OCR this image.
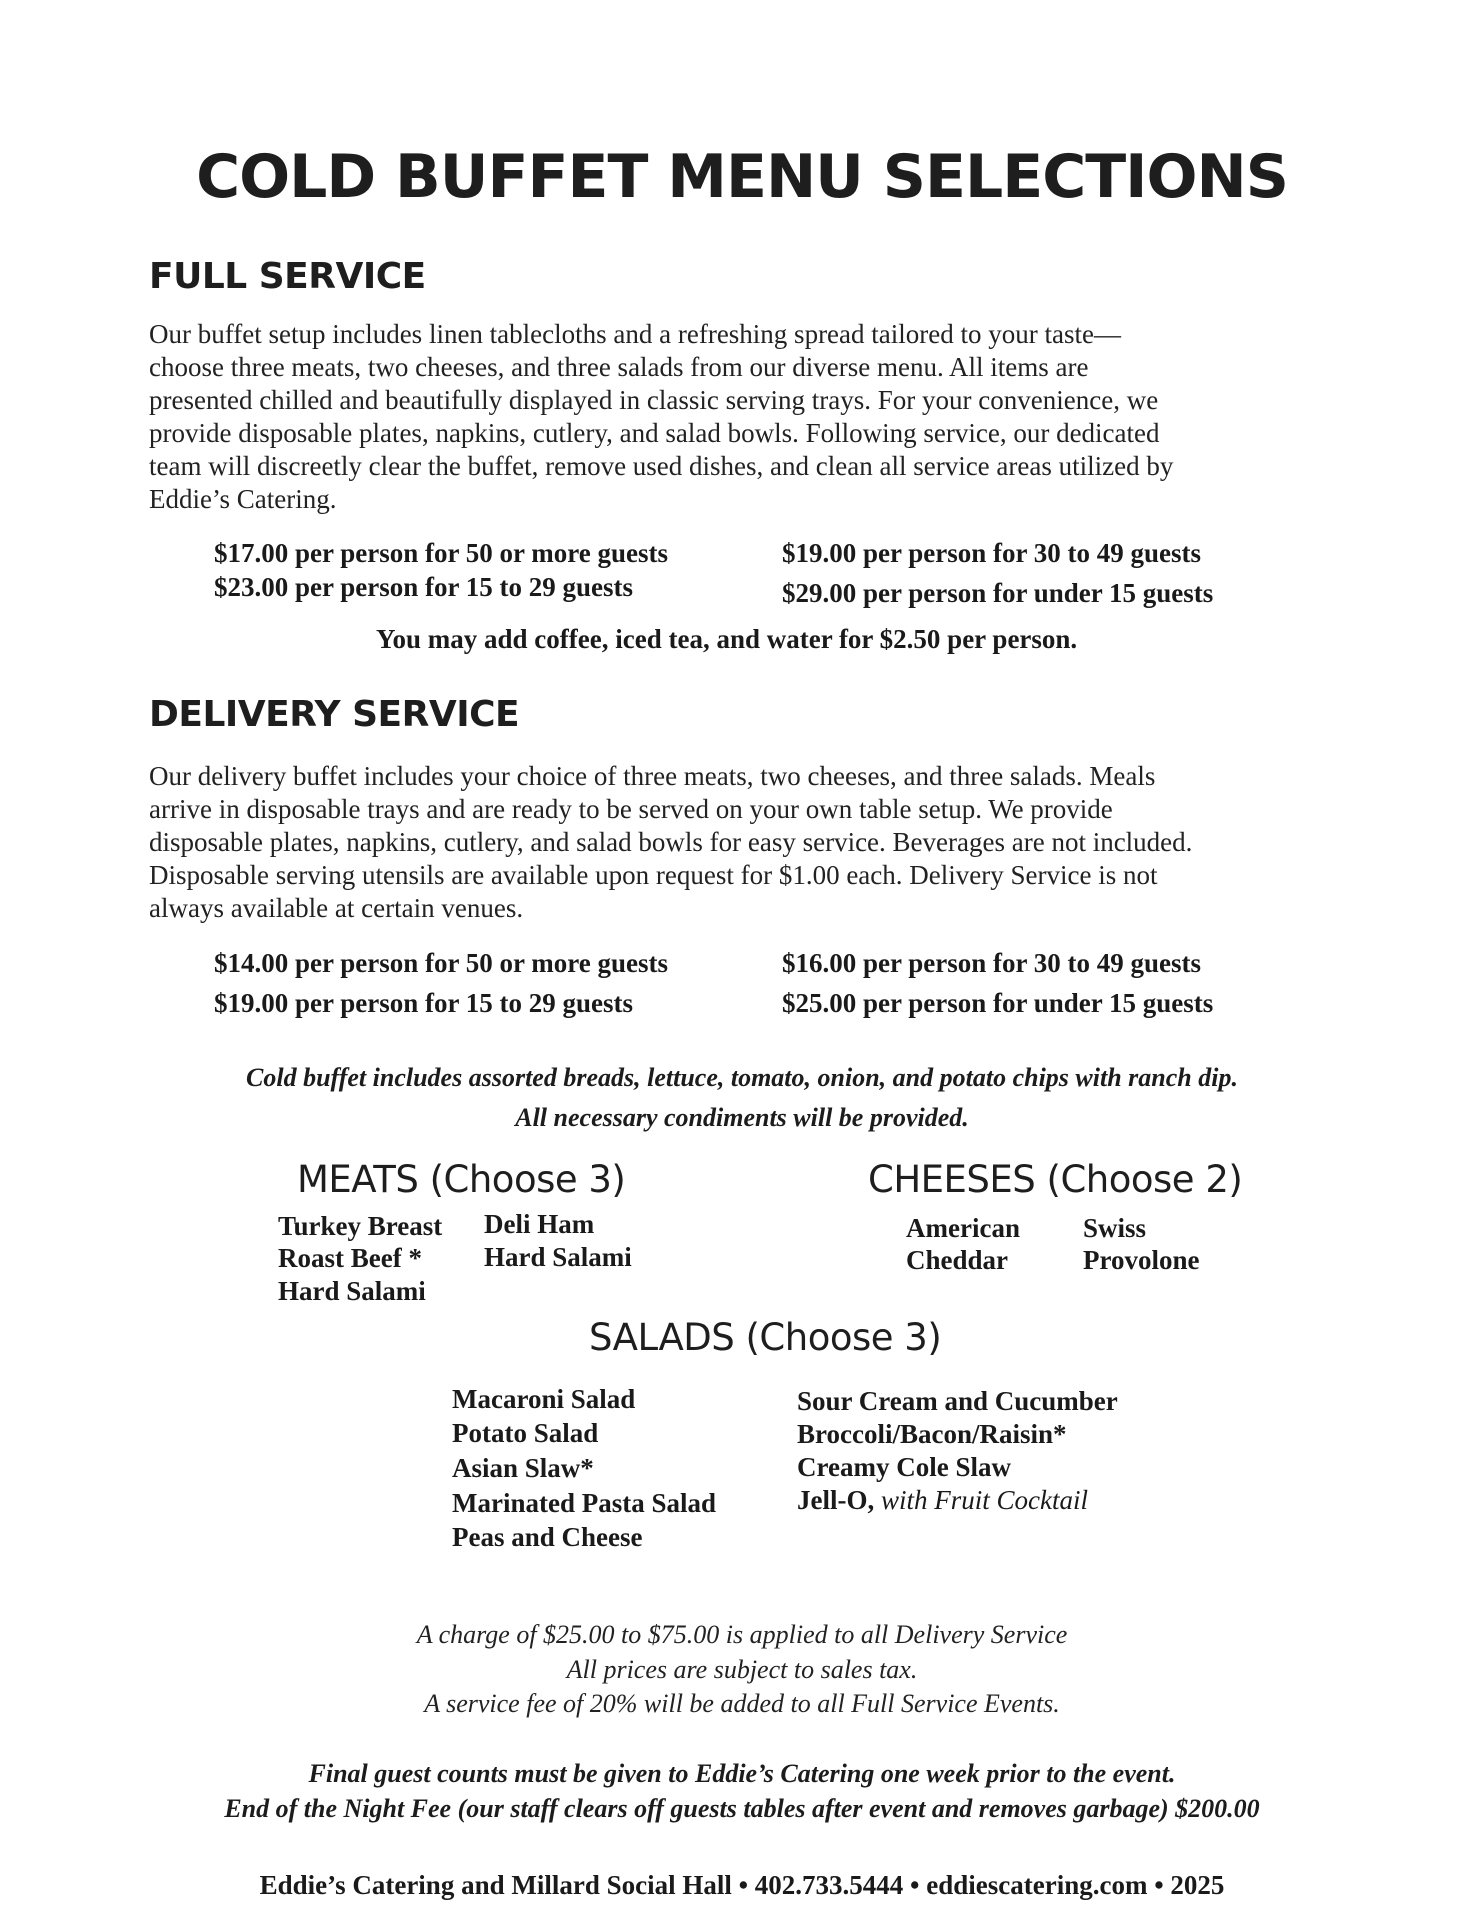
COLD BUFFET MENU SELECTIONS
FULL SERVICE
Our buffet setup includes linen tablecloths and a refreshing spread tailored to your taste—
choose three meats, two cheeses, and three salads from our diverse menu. All items are
presented chilled and beautifully displayed in classic serving trays. For your convenience, we
provide disposable plates, napkins, cutlery, and salad bowls. Following service, our dedicated
team will discreetly clear the buffet, remove used dishes, and clean all service areas utilized by
Eddie’s Catering.
$17.00 per person for 50 or more guests
$23.00 per person for 15 to 29 guests
$19.00 per person for 30 to 49 guests
$29.00 per person for under 15 guests
You may add coffee, iced tea, and water for $2.50 per person.
DELIVERY SERVICE
Our delivery buffet includes your choice of three meats, two cheeses, and three salads. Meals
arrive in disposable trays and are ready to be served on your own table setup. We provide
disposable plates, napkins, cutlery, and salad bowls for easy service. Beverages are not included.
Disposable serving utensils are available upon request for $1.00 each. Delivery Service is not
always available at certain venues.
$14.00 per person for 50 or more guests
$19.00 per person for 15 to 29 guests
$16.00 per person for 30 to 49 guests
$25.00 per person for under 15 guests
Cold buffet includes assorted breads, lettuce, tomato, onion, and potato chips with ranch dip.
All necessary condiments will be provided.
MEATS (Choose 3)
Turkey Breast
Roast Beef *
Hard Salami
Deli Ham
Hard Salami
CHEESES (Choose 2)
American
Cheddar
Swiss
Provolone
SALADS (Choose 3)
Macaroni Salad
Potato Salad
Asian Slaw*
Marinated Pasta Salad
Peas and Cheese
Sour Cream and Cucumber
Broccoli/Bacon/Raisin*
Creamy Cole Slaw
Jell-O, with Fruit Cocktail
A charge of $25.00 to $75.00 is applied to all Delivery Service
All prices are subject to sales tax.
A service fee of 20% will be added to all Full Service Events.
Final guest counts must be given to Eddie’s Catering one week prior to the event.
End of the Night Fee (our staff clears off guests tables after event and removes garbage) $200.00
Eddie’s Catering and Millard Social Hall • 402.733.5444 • eddiescatering.com • 2025
